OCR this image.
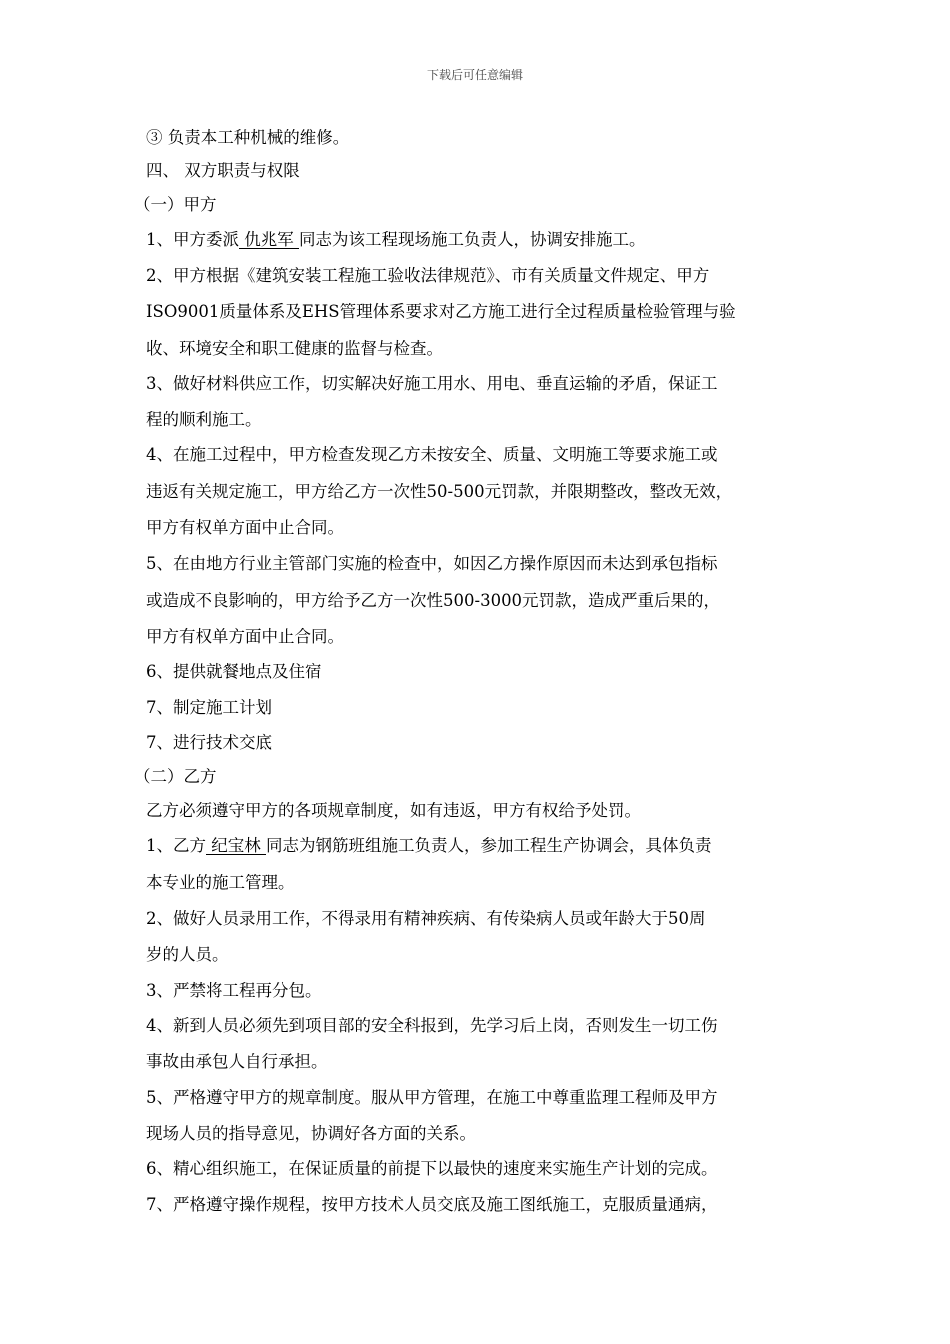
下载后可任意编辑
③ 负责本工种机械的维修。
四、 双方职责与权限
（一）甲方
1、甲方委派 仇兆军 同志为该工程现场施工负责人，协调安排施工。
2、甲方根据《建筑安装工程施工验收法律规范》、市有关质量文件规定、甲方
ISO9001质量体系及EHS管理体系要求对乙方施工进行全过程质量检验管理与验
收、环境安全和职工健康的监督与检查。
3、做好材料供应工作，切实解决好施工用水、用电、垂直运输的矛盾，保证工
程的顺利施工。
4、在施工过程中，甲方检查发现乙方未按安全、质量、文明施工等要求施工或
违返有关规定施工，甲方给乙方一次性50-500元罚款，并限期整改，整改无效，
甲方有权单方面中止合同。
5、在由地方行业主管部门实施的检查中，如因乙方操作原因而未达到承包指标
或造成不良影响的，甲方给予乙方一次性500-3000元罚款，造成严重后果的，
甲方有权单方面中止合同。
6、提供就餐地点及住宿
7、制定施工计划
7、进行技术交底
（二）乙方
乙方必须遵守甲方的各项规章制度，如有违返，甲方有权给予处罚。
1、乙方 纪宝林 同志为钢筋班组施工负责人，参加工程生产协调会，具体负责
本专业的施工管理。
2、做好人员录用工作，不得录用有精神疾病、有传染病人员或年龄大于50周
岁的人员。
3、严禁将工程再分包。
4、新到人员必须先到项目部的安全科报到，先学习后上岗，否则发生一切工伤
事故由承包人自行承担。
5、严格遵守甲方的规章制度。服从甲方管理，在施工中尊重监理工程师及甲方
现场人员的指导意见，协调好各方面的关系。
6、精心组织施工，在保证质量的前提下以最快的速度来实施生产计划的完成。
7、严格遵守操作规程，按甲方技术人员交底及施工图纸施工，克服质量通病，
